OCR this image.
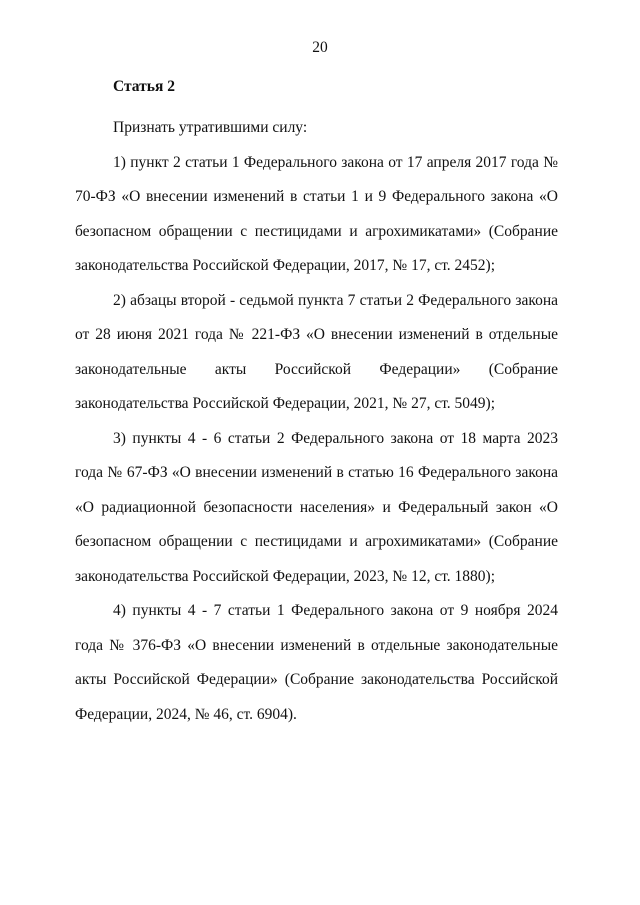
20
Статья 2

Признать утратившими силу:

1) пункт 2 статьи 1 Федерального закона от 17 апреля 2017 года № 70-ФЗ «О внесении изменений в статьи 1 и 9 Федерального закона «О безопасном обращении с пестицидами и агрохимикатами» (Собрание законодательства Российской Федерации, 2017, № 17, ст. 2452);

2) абзацы второй - седьмой пункта 7 статьи 2 Федерального закона от 28 июня 2021 года № 221-ФЗ «О внесении изменений в отдельные законодательные акты Российской Федерации» (Собрание законодательства Российской Федерации, 2021, № 27, ст. 5049);

3) пункты 4 - 6 статьи 2 Федерального закона от 18 марта 2023 года № 67-ФЗ «О внесении изменений в статью 16 Федерального закона «О радиационной безопасности населения» и Федеральный закон «О безопасном обращении с пестицидами и агрохимикатами» (Собрание законодательства Российской Федерации, 2023, № 12, ст. 1880);

4) пункты 4 - 7 статьи 1 Федерального закона от 9 ноября 2024 года № 376-ФЗ «О внесении изменений в отдельные законодательные акты Российской Федерации» (Собрание законодательства Российской Федерации, 2024, № 46, ст. 6904).
